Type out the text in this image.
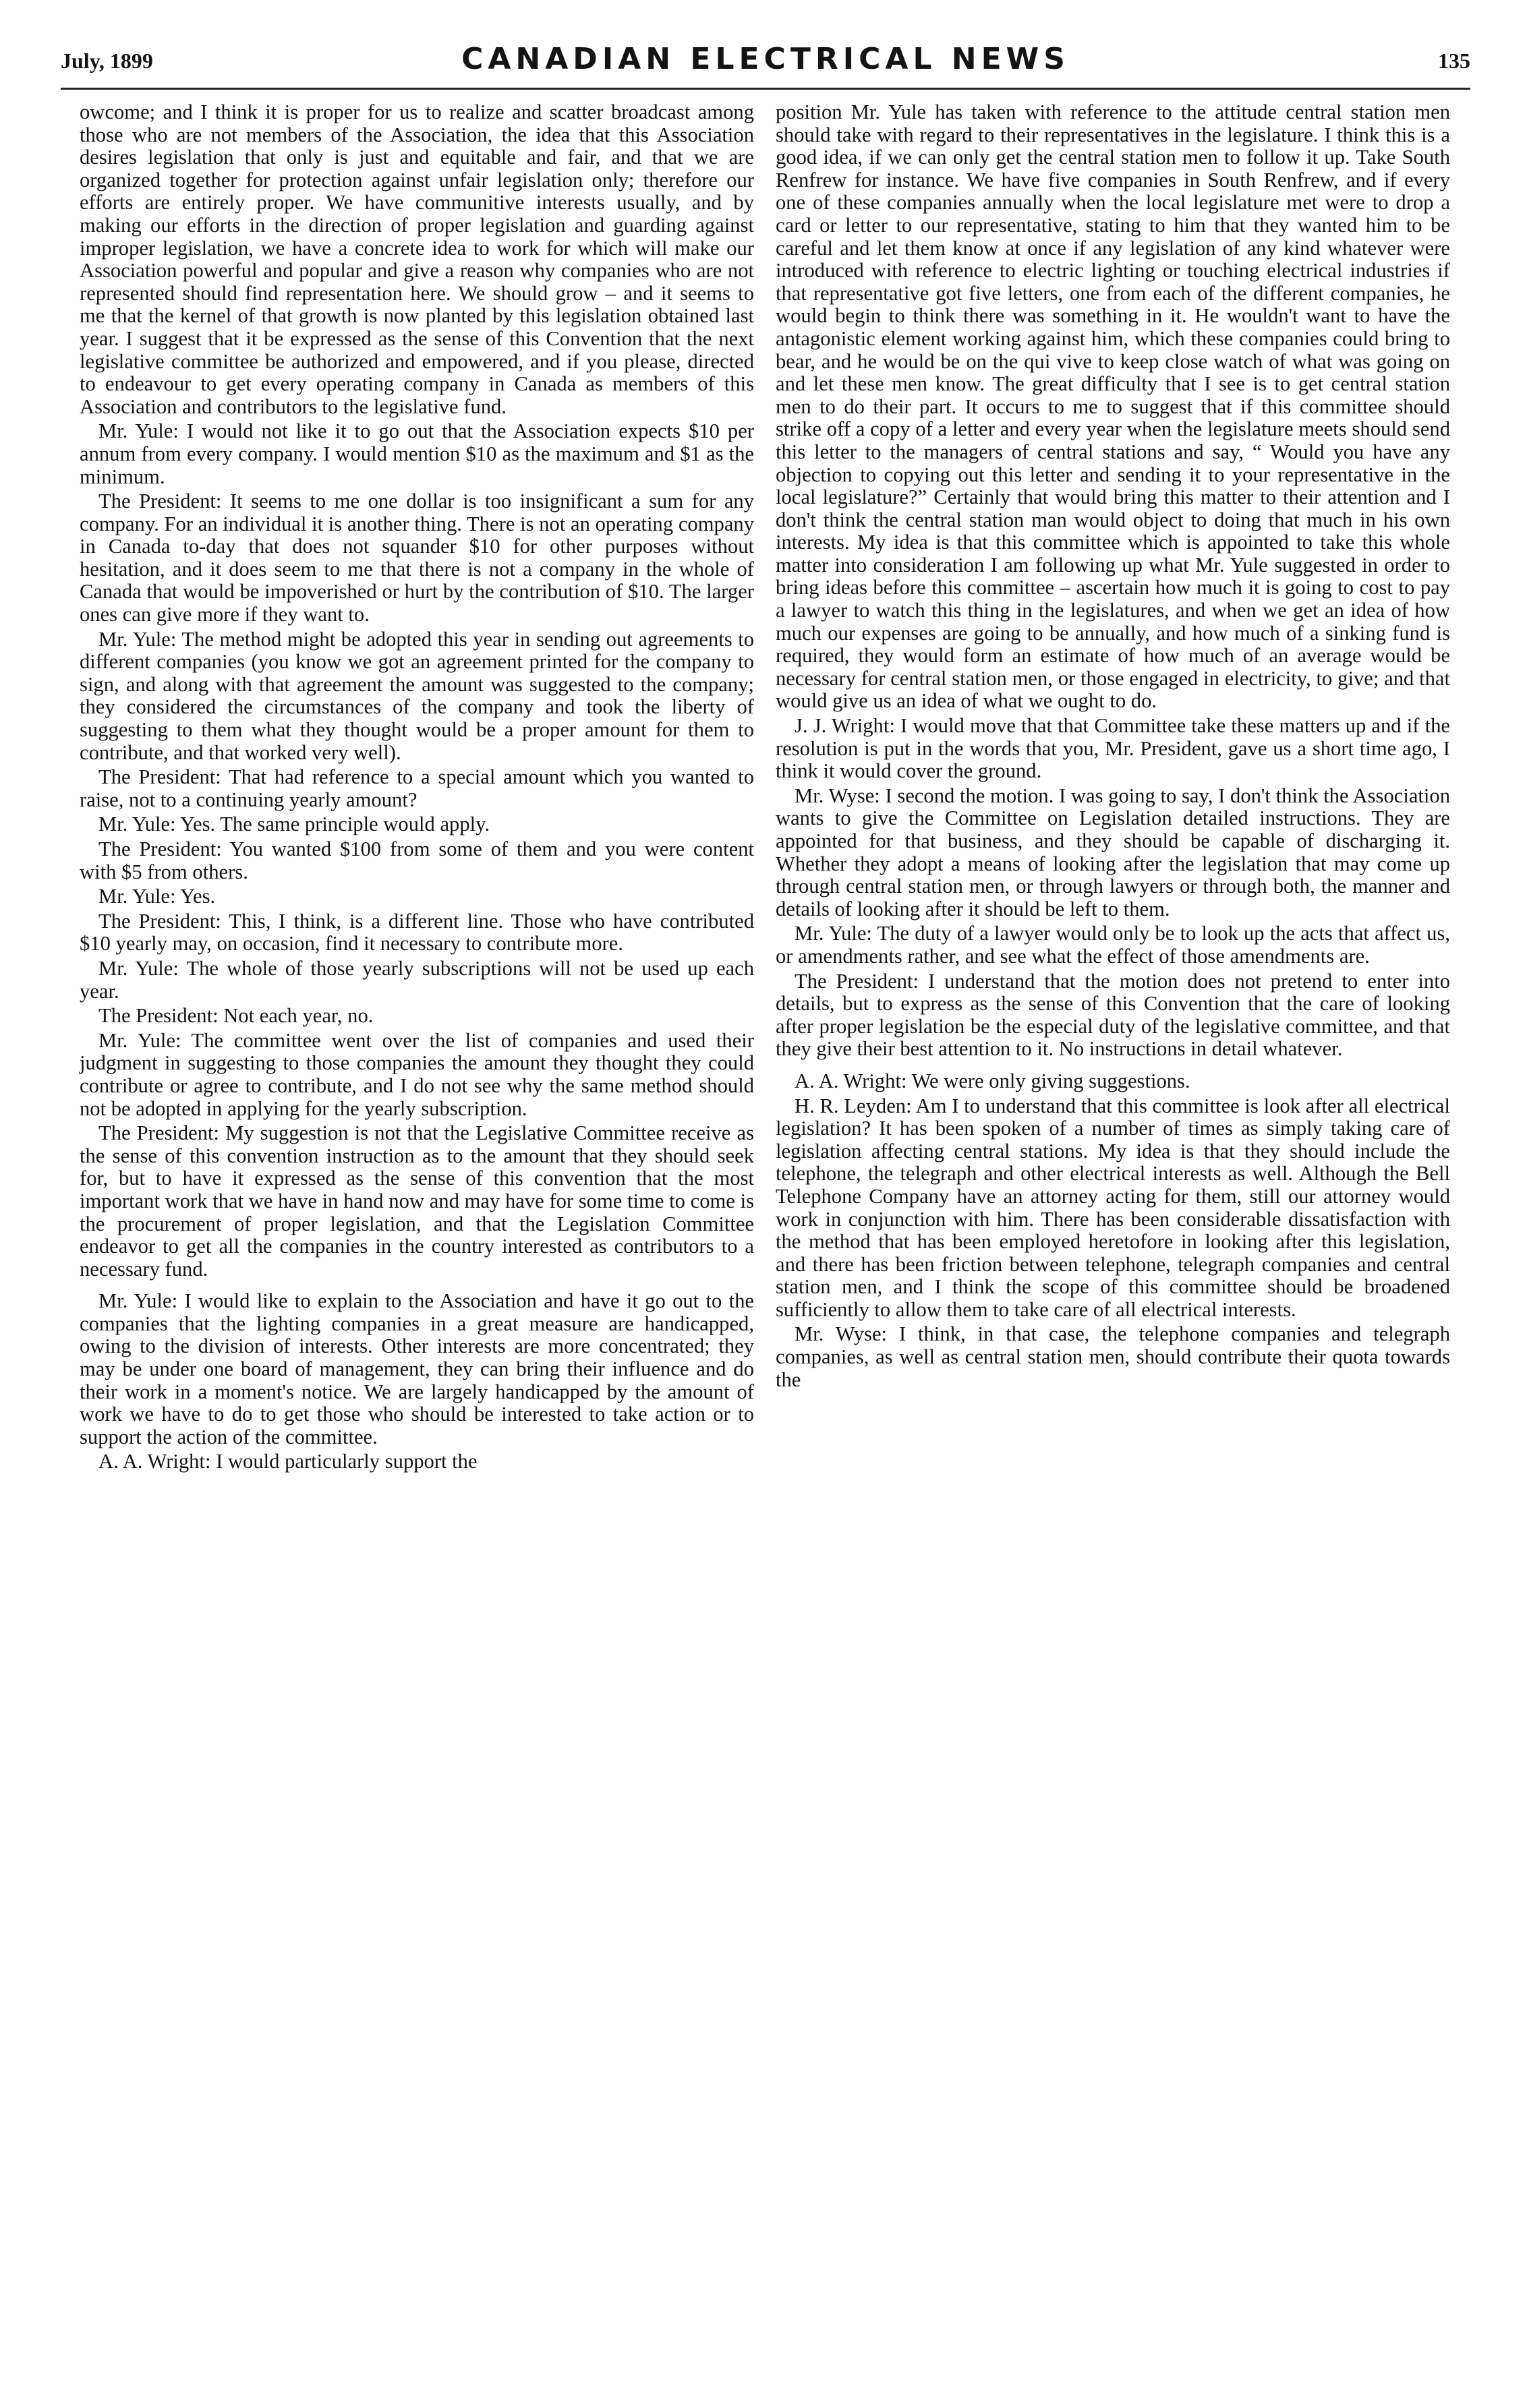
July, 1899	CANADIAN ELECTRICAL NEWS	135

owcome; and I think it is proper for us to realize and scatter broadcast among those who are not members of the Association, the idea that this Association desires legislation that only is just and equitable and fair, and that we are organized together for protection against unfair legislation only; therefore our efforts are entirely proper. We have communitive interests usually, and by making our efforts in the direction of proper legislation and guarding against improper legislation, we have a concrete idea to work for which will make our Association powerful and popular and give a reason why companies who are not represented should find representation here. We should grow – and it seems to me that the kernel of that growth is now planted by this legislation obtained last year. I suggest that it be expressed as the sense of this Convention that the next legislative committee be authorized and empowered, and if you please, directed to endeavour to get every operating company in Canada as members of this Association and contributors to the legislative fund.

Mr. Yule: I would not like it to go out that the Association expects $10 per annum from every company. I would mention $10 as the maximum and $1 as the minimum.

The President: It seems to me one dollar is too insignificant a sum for any company. For an individual it is another thing. There is not an operating company in Canada to-day that does not squander $10 for other purposes without hesitation, and it does seem to me that there is not a company in the whole of Canada that would be impoverished or hurt by the contribution of $10. The larger ones can give more if they want to.

Mr. Yule: The method might be adopted this year in sending out agreements to different companies (you know we got an agreement printed for the company to sign, and along with that agreement the amount was suggested to the company; they considered the circumstances of the company and took the liberty of suggesting to them what they thought would be a proper amount for them to contribute, and that worked very well).

The President: That had reference to a special amount which you wanted to raise, not to a continuing yearly amount?

Mr. Yule: Yes. The same principle would apply.

The President: You wanted $100 from some of them and you were content with $5 from others.

Mr. Yule: Yes.

The President: This, I think, is a different line. Those who have contributed $10 yearly may, on occasion, find it necessary to contribute more.

Mr. Yule: The whole of those yearly subscriptions will not be used up each year.

The President: Not each year, no.

Mr. Yule: The committee went over the list of companies and used their judgment in suggesting to those companies the amount they thought they could contribute or agree to contribute, and I do not see why the same method should not be adopted in applying for the yearly subscription.

The President: My suggestion is not that the Legislative Committee receive as the sense of this convention instruction as to the amount that they should seek for, but to have it expressed as the sense of this convention that the most important work that we have in hand now and may have for some time to come is the procurement of proper legislation, and that the Legislation Committee endeavor to get all the companies in the country interested as contributors to a necessary fund.

Mr. Yule: I would like to explain to the Association and have it go out to the companies that the lighting companies in a great measure are handicapped, owing to the division of interests. Other interests are more concentrated; they may be under one board of management, they can bring their influence and do their work in a moment's notice. We are largely handicapped by the amount of work we have to do to get those who should be interested to take action or to support the action of the committee.

A. A. Wright: I would particularly support the

position Mr. Yule has taken with reference to the attitude central station men should take with regard to their representatives in the legislature. I think this is a good idea, if we can only get the central station men to follow it up. Take South Renfrew for instance. We have five companies in South Renfrew, and if every one of these companies annually when the local legislature met were to drop a card or letter to our representative, stating to him that they wanted him to be careful and let them know at once if any legislation of any kind whatever were introduced with reference to electric lighting or touching electrical industries if that representative got five letters, one from each of the different companies, he would begin to think there was something in it. He wouldn't want to have the antagonistic element working against him, which these companies could bring to bear, and he would be on the qui vive to keep close watch of what was going on and let these men know. The great difficulty that I see is to get central station men to do their part. It occurs to me to suggest that if this committee should strike off a copy of a letter and every year when the legislature meets should send this letter to the managers of central stations and say, “ Would you have any objection to copying out this letter and sending it to your representative in the local legislature?” Certainly that would bring this matter to their attention and I don't think the central station man would object to doing that much in his own interests. My idea is that this committee which is appointed to take this whole matter into consideration I am following up what Mr. Yule suggested in order to bring ideas before this committee – ascertain how much it is going to cost to pay a lawyer to watch this thing in the legislatures, and when we get an idea of how much our expenses are going to be annually, and how much of a sinking fund is required, they would form an estimate of how much of an average would be necessary for central station men, or those engaged in electricity, to give; and that would give us an idea of what we ought to do.

J. J. Wright: I would move that that Committee take these matters up and if the resolution is put in the words that you, Mr. President, gave us a short time ago, I think it would cover the ground.

Mr. Wyse: I second the motion. I was going to say, I don't think the Association wants to give the Committee on Legislation detailed instructions. They are appointed for that business, and they should be capable of discharging it. Whether they adopt a means of looking after the legislation that may come up through central station men, or through lawyers or through both, the manner and details of looking after it should be left to them.

Mr. Yule: The duty of a lawyer would only be to look up the acts that affect us, or amendments rather, and see what the effect of those amendments are.

The President: I understand that the motion does not pretend to enter into details, but to express as the sense of this Convention that the care of looking after proper legislation be the especial duty of the legislative committee, and that they give their best attention to it. No instructions in detail whatever.

A. A. Wright: We were only giving suggestions.

H. R. Leyden: Am I to understand that this committee is look after all electrical legislation? It has been spoken of a number of times as simply taking care of legislation affecting central stations. My idea is that they should include the telephone, the telegraph and other electrical interests as well. Although the Bell Telephone Company have an attorney acting for them, still our attorney would work in conjunction with him. There has been considerable dissatisfaction with the method that has been employed heretofore in looking after this legislation, and there has been friction between telephone, telegraph companies and central station men, and I think the scope of this committee should be broadened sufficiently to allow them to take care of all electrical interests.

Mr. Wyse: I think, in that case, the telephone companies and telegraph companies, as well as central station men, should contribute their quota towards the
